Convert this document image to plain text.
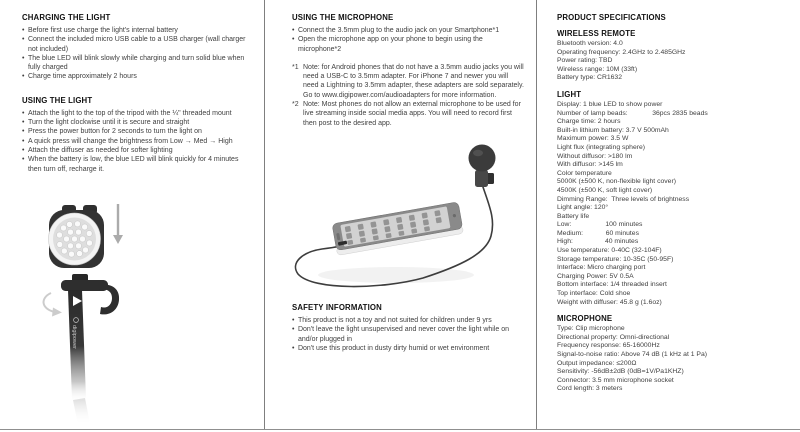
CHARGING THE LIGHT
• Before first use charge the light's internal battery
• Connect the included micro USB cable to a USB charger (wall charger not included)
• The blue LED will blink slowly while charging and turn solid blue when fully charged
• Charge time approximately 2 hours
USING THE LIGHT
• Attach the light to the top of the tripod with the ¼" threaded mount
• Turn the light clockwise until it is secure and straight
• Press the power button for 2 seconds to turn the light on
• A quick press will change the brightness from Low → Med → High
• Attach the diffuser as needed for softer lighting
• When the battery is low, the blue LED will blink quickly for 4 minutes then turn off, recharge it.
digipower
USING THE MICROPHONE
• Connect the 3.5mm plug to the audio jack on your Smartphone*1
• Open the microphone app on your phone to begin using the microphone*2
*1 Note: for Android phones that do not have a 3.5mm audio jacks you will need a USB-C to 3.5mm adapter. For iPhone 7 and newer you will need a Lightning to 3.5mm adapter, these adapters are sold separately. Go to www.digipower.com/audioadapters for more information.
*2 Note: Most phones do not allow an external microphone to be used for live streaming inside social media apps. You will need to record first then post to the desired app.
SAFETY INFORMATION
• This product is not a toy and not suited for children under 9 yrs
• Don't leave the light unsupervised and never cover the light while on and/or plugged in
• Don't use this product in dusty dirty humid or wet environment
PRODUCT SPECIFICATIONS
WIRELESS REMOTE
Bluetooth version: 4.0
Operating frequency: 2.4GHz to 2.485GHz
Power rating: TBD
Wireless range: 10M (33ft)
Battery type: CR1632
LIGHT
Display: 1 blue LED to show power
Number of lamp beads:             36pcs 2835 beads
Charge time: 2 hours
Built-in lithium battery: 3.7 V 500mAh
Maximum power: 3.5 W
Light flux (integrating sphere)
Without diffusor: >180 lm
With diffusor: >145 lm
Color temperature
5000K (±500 K, non-flexible light cover)
4500K (±500 K, soft light cover)
Dimming Range:  Three levels of brightness
Light angle: 120°
Battery life
Low:                  100 minutes
Medium:            60 minutes
High:                 40 minutes
Use temperature: 0-40C (32-104F)
Storage temperature: 10-35C (50-95F)
Interface: Micro charging port
Charging Power: 5V 0.5A
Bottom interface: 1/4 threaded insert
Top interface: Cold shoe
Weight with diffuser: 45.8 g (1.6oz)
MICROPHONE
Type: Clip microphone
Directional property: Omni-directional
Frequency response: 65-16000Hz
Signal-to-noise ratio: Above 74 dB (1 kHz at 1 Pa)
Output impedance: ≤200Ω
Sensitivity: -56dB±2dB (0dB=1V/Pa1KHZ)
Connector: 3.5 mm microphone socket
Cord length: 3 meters
